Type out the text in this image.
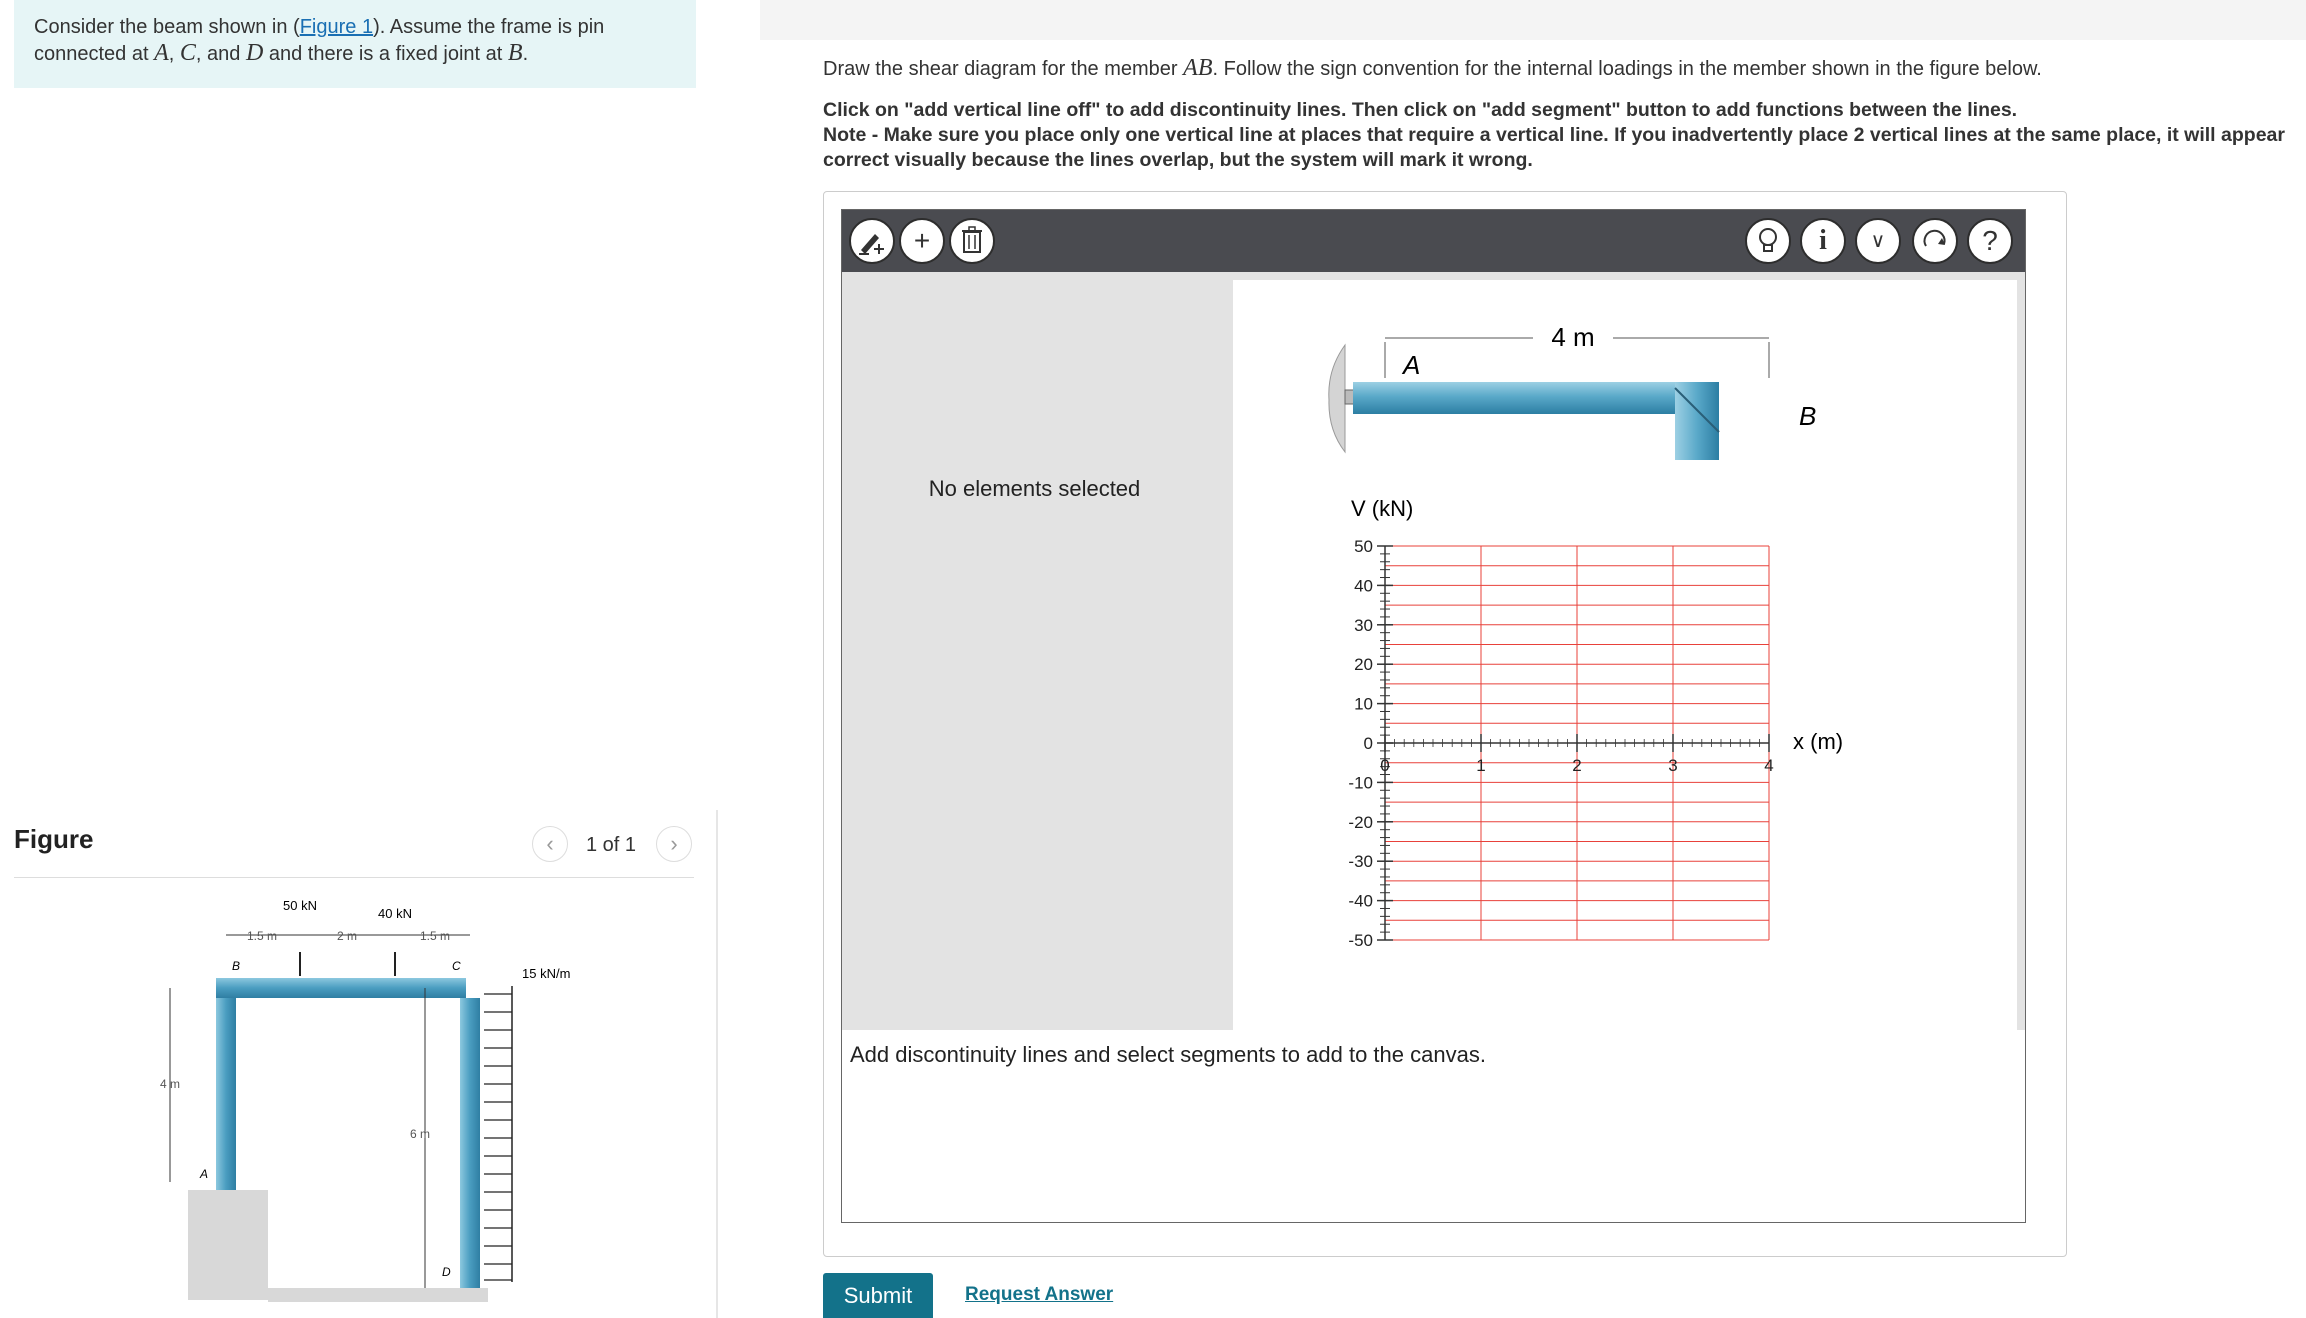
Consider the beam shown in (Figure 1). Assume the frame is pin
connected at A, C, and D and there is a fixed joint at B.
Figure	‹	1 of 1	›
50 kN
40 kN
1.5 m	2 m	1.5 m
15 kN/m
4 m
6 m
B	C
A
D
Draw the shear diagram for the member AB. Follow the sign convention for the internal loadings in the member shown in the figure below.
Click on "add vertical line off" to add discontinuity lines. Then click on "add segment" button to add functions between the lines.
Note - Make sure you place only one vertical line at places that require a vertical line. If you inadvertently place 2 vertical lines at the same place, it will appear correct visually because the lines overlap, but the system will mark it wrong.
+	i	∨	?
No elements selected
4 m
A
B
V (kN)
x (m)
50
40
30
20
10
0
-10
-20
-30
-40
-50
0	1	2	3	4
Add discontinuity lines and select segments to add to the canvas.
Submit	Request Answer
